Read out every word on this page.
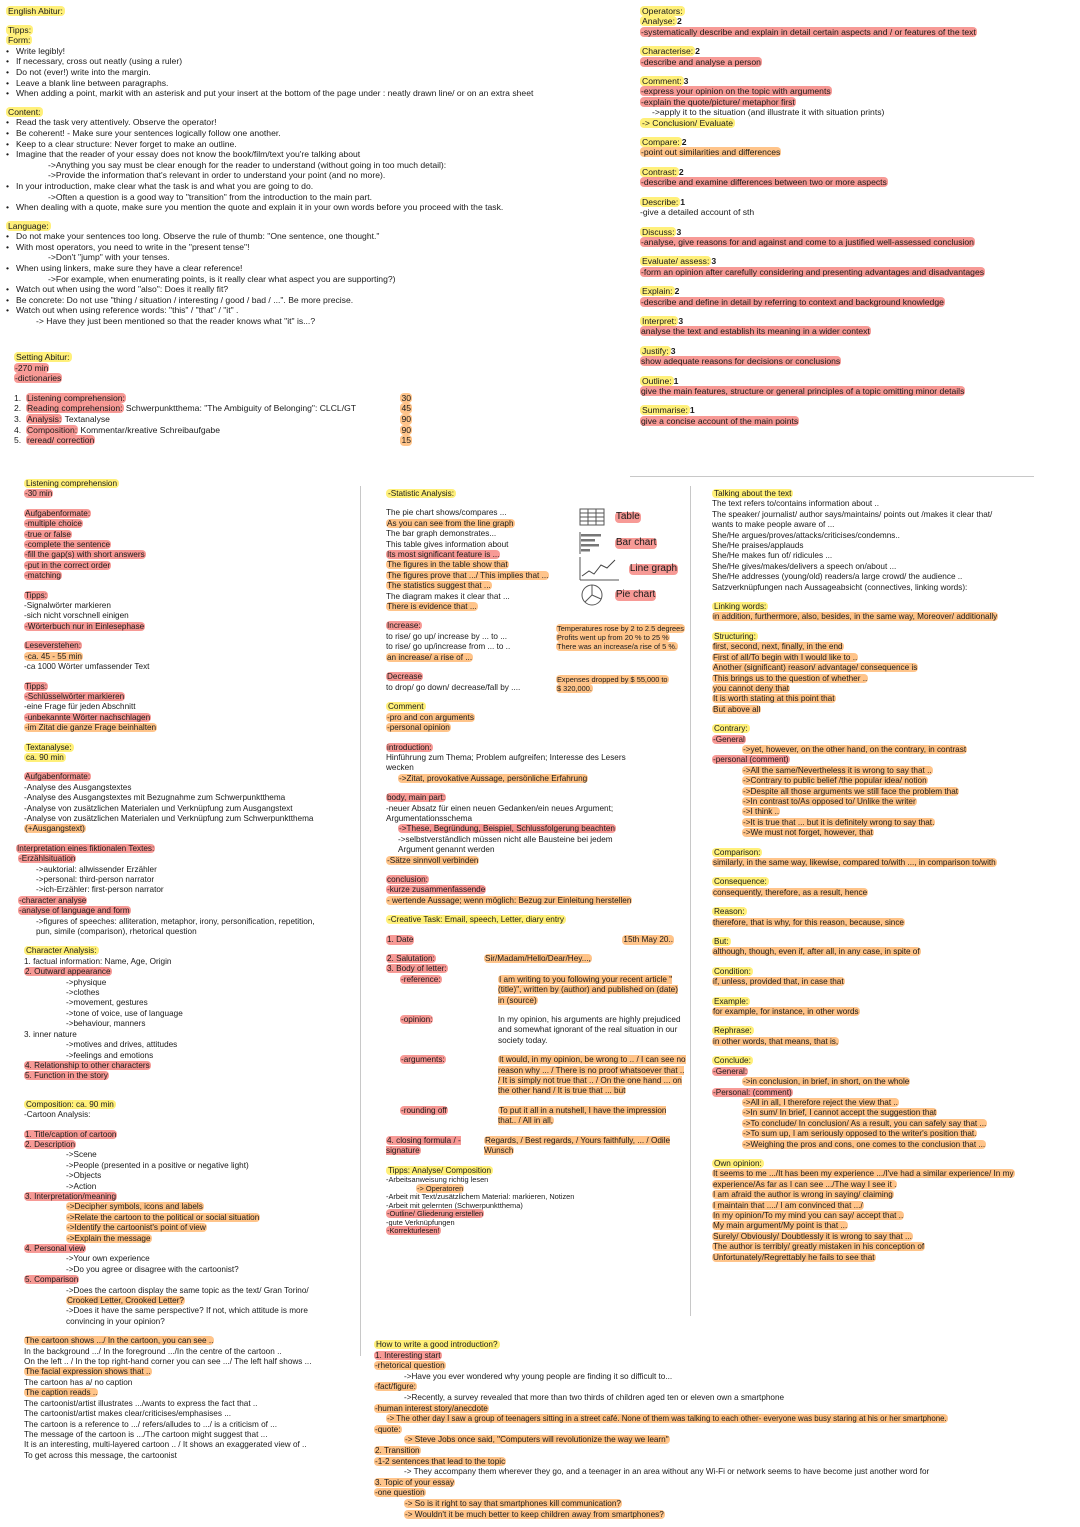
English Abitur:
Tipps:
Form:
• Write legibly!
• If necessary, cross out neatly (using a ruler)
• Do not (ever!) write into the margin.
• Leave a blank line between paragraphs.
• When adding a point, markit with an asterisk and put your insert at the bottom of the page under : neatly drawn line/ or on an extra sheet
Content:
• Read the task very attentively. Observe the operator!
• Be coherent! - Make sure your sentences logically follow one another.
• Keep to a clear structure: Never forget to make an outline.
• Imagine that the reader of your essay does not know the book/film/text you're talking about
->Anything you say must be clear enough for the reader to understand (without going in too much detail):
->Provide the information that's relevant in order to understand your point (and no more).
• In your introduction, make clear what the task is and what you are going to do.
->Often a question is a good way to "transition" from the introduction to the main part.
• When dealing with a quote, make sure you mention the quote and explain it in your own words before you proceed with the task.
Language:
• Do not make your sentences too long. Observe the rule of thumb: "One sentence, one thought."
• With most operators, you need to write in the "present tense"!
->Don't "jump" with your tenses.
• When using linkers, make sure they have a clear reference!
->For example, when enumerating points, is it really clear what aspect you are supporting?)
• Watch out when using the word "also": Does it really fit?
• Be concrete: Do not use "thing / situation / interesting / good / bad / ...". Be more precise.
• Watch out when using reference words: "this" / "that" / "it" .
-> Have they just been mentioned so that the reader knows what "it" is...?
Setting Abitur:
-270 min
-dictionaries
1. Listening comprehension:	30
2. Reading comprehension: Schwerpunktthema: "The Ambiguity of Belonging": CLCL/GT	45
3. Analysis: Textanalyse	90
4. Composition: Kommentar/kreative Schreibaufgabe	90
5. reread/ correction	15
Operators:
Analyse: 2
-systematically describe and explain in detail certain aspects and / or features of the text
Characterise: 2
-describe and analyse a person
Comment: 3
-express your opinion on the topic with arguments
-explain the quote/picture/ metaphor first
->apply it to the situation (and illustrate it with situation prints)
-> Conclusion/ Evaluate
Compare: 2
-point out similarities and differences
Contrast: 2
-describe and examine differences between two or more aspects
Describe: 1
-give a detailed account of sth
Discuss: 3
-analyse, give reasons for and against and come to a justified well-assessed conclusion
Evaluate/ assess: 3
-form an opinion after carefully considering and presenting advantages and disadvantages
Explain: 2
-describe and define in detail by referring to context and background knowledge
Interpret: 3
analyse the text and establish its meaning in a wider context
Justify: 3
show adequate reasons for decisions or conclusions
Outline: 1
give the main features, structure or general principles of a topic omitting minor details
Summarise: 1
give a concise account of the main points
Listening comprehension
-30 min
Aufgabenformate:
-multiple choice
-true or false
-complete the sentence
-fill the gap(s) with short answers
-put in the correct order
-matching
Tipps:
-Signalwörter markieren
-sich nicht vorschnell einigen
-Wörterbuch nur in Einlesephase
Leseverstehen:
-ca. 45 - 55 min
-ca 1000 Wörter umfassender Text
Tipps:
-Schlüsselwörter markieren
-eine Frage für jeden Abschnitt
-unbekannte Wörter nachschlagen
-im Zitat die ganze Frage beinhalten
Textanalyse:
ca. 90 min
Aufgabenformate:
-Analyse des Ausgangstextes
-Analyse des Ausgangstextes mit Bezugnahme zum Schwerpunktthema
-Analyse von zusätzlichen Materialen und Verknüpfung zum Ausgangstext
-Analyse von zusätzlichen Materialen und Verknüpfung zum Schwerpunktthema
(+Ausgangstext)
Interpretation eines fiktionalen Textes:
-Erzählsituation
->auktorial: allwissender Erzähler
->personal: third-person narrator
->ich-Erzähler: first-person narrator
-character analyse
-analyse of language and form
->figures of speeches: alliteration, metaphor, irony, personification, repetition,
pun, simile (comparison), rhetorical question
Character Analysis:
1. factual information: Name, Age, Origin
2. Outward appearance
->physique
->clothes
->movement, gestures
->tone of voice, use of language
->behaviour, manners
3. inner nature
->motives and drives, attitudes
->feelings and emotions
4. Relationship to other characters
5. Function in the story
Composition: ca. 90 min
-Cartoon Analysis:
1. Title/caption of cartoon
2. Description
->Scene
->People (presented in a positive or negative light)
->Objects
->Action
3. Interpretation/meaning
->Decipher symbols, icons and labels
->Relate the cartoon to the political or social situation
->Identify the cartoonist's point of view
->Explain the message
4. Personal view
->Your own experience
->Do you agree or disagree with the cartoonist?
5. Comparison
->Does the cartoon display the same topic as the text/ Gran Torino/
Crooked Letter, Crooked Letter?
->Does it have the same perspective? If not, which attitude is more
convincing in your opinion?
The cartoon shows .../ In the cartoon, you can see ..
In the background .../ In the foreground .../In the centre of the cartoon ..
On the left .. / In the top right-hand corner you can see .../ The left half shows ...
The facial expression shows that ..
The cartoon has a/ no caption
The caption reads ..
The cartoonist/artist illustrates .../wants to express the fact that ..
The cartoonist/artist makes clear/criticises/emphasises ...
The cartoon is a reference to .../ refers/alludes to .../ is a criticism of ...
The message of the cartoon is .../The cartoon might suggest that ...
It is an interesting, multi-layered cartoon .. / It shows an exaggerated view of ..
To get across this message, the cartoonist
-Statistic Analysis:
The pie chart shows/compares ...
As you can see from the line graph
The bar graph demonstrates...
This table gives information about
Its most significant feature is ...
The figures in the table show that
The figures prove that .../ This implies that ...
The statistics suggest that ...
The diagram makes it clear that ...
There is evidence that ...
Table
Bar chart
Line graph
Pie chart
Increase:
to rise/ go up/ increase by ... to ...
to rise/ go up/increase from ... to ..
an increase/ a rise of ...
Temperatures rose by 2 to 2.5 degrees
Profits went up from 20 % to 25 %
There was an increase/a rise of 5 %.
Decrease
to drop/ go down/ decrease/fall by ....
Expenses dropped by $ 55,000 to
$ 320,000.
Comment
-pro and con arguments
-personal opinion
introduction:
Hinführung zum Thema; Problem aufgreifen; Interesse des Lesers
wecken
->Zitat, provokative Aussage, persönliche Erfahrung
body, main part:
-neuer Absatz für einen neuen Gedanken/ein neues Argument;
Argumentationsschema
->These, Begründung, Beispiel, Schlussfolgerung beachten
->selbstverständlich müssen nicht alle Bausteine bei jedem
Argument genannt werden
-Sätze sinnvoll verbinden
conclusion:
-kurze zusammenfassende
- wertende Aussage; wenn möglich: Bezug zur Einleitung herstellen
-Creative Task: Email, speech, Letter, diary entry
1. Date	15th May 20..
2. Salutation:	Sir/Madam/Hello/Dear/Hey...,
3. Body of letter:
-reference:	I am writing to you following your recent article "(title)", written by (author) and published on (date) in (source)
-opinion:	In my opinion, his arguments are highly prejudiced and somewhat ignorant of the real situation in our society today.
-arguments:	It would, in my opinion, be wrong to .. / I can see no reason why ... / There is no proof whatsoever that .. / It is simply not true that .. / On the one hand ... on the other hand / It is true that ... but
-rounding off	To put it all in a nutshell, I have the impression that.. / All in all,
4. closing formula / -signature
Regards, / Best regards, / Yours faithfully, ... / Odile Wunsch
Tipps: Analyse/ Composition
-Arbeitsanweisung richtig lesen
-> Operatoren
-Arbeit mit Text/zusätzlichem Material: markieren, Notizen
-Arbeit mit gelernten (Schwerpunktthema)
-Outline/ Gliederung erstellen
-gute Verknüpfungen
-Korrekturlesen!
How to write a good introduction?
1. Interesting start
-rhetorical question
->Have you ever wondered why young people are finding it so difficult to...
-fact/figure:
->Recently, a survey revealed that more than two thirds of children aged ten or eleven own a smartphone
-human interest story/anecdote
-> The other day I saw a group of teenagers sitting in a street café. None of them was talking to each other- everyone was busy staring at his or her smartphone.
-quote:
-> Steve Jobs once said, "Computers will revolutionize the way we learn"
2. Transition
-1-2 sentences that lead to the topic
-> They accompany them wherever they go, and a teenager in an area without any Wi-Fi or network seems to have become just another word for
3. Topic of your essay
-one question
-> So is it right to say that smartphones kill communication?
-> Wouldn't it be much better to keep children away from smartphones?
Talking about the text
The text refers to/contains information about ..
The speaker/ journalist/ author says/maintains/ points out /makes it clear that/
wants to make people aware of ...
She/He argues/proves/attacks/criticises/condemns..
She/He praises/applauds
She/He makes fun of/ ridicules ...
She/He gives/makes/delivers a speech on/about ...
She/He addresses (young/old) readers/a large crowd/ the audience ..
Satzverknüpfungen nach Aussageabsicht (connectives, linking words):
Linking words:
in addition, furthermore, also, besides, in the same way, Moreover/ additionally
Structuring:
first, second, next, finally, in the end
First of all/To begin with I would like to ..
Another (significant) reason/ advantage/ consequence is
This brings us to the question of whether ..
you cannot deny that
It is worth stating at this point that
But above all
Contrary:
-General
->yet, however, on the other hand, on the contrary, in contrast
-personal (comment)
->All the same/Nevertheless it is wrong to say that ..
->Contrary to public belief /the popular idea/ notion
->Despite all those arguments we still face the problem that
->In contrast to/As opposed to/ Unlike the writer
->I think ..
->It is true that ... but it is definitely wrong to say that.
->We must not forget, however, that
Comparison:
similarly, in the same way, likewise, compared to/with ..., in comparison to/with
Consequence:
consequently, therefore, as a result, hence
Reason:
therefore, that is why, for this reason, because, since
But:
although, though, even if, after all, in any case, in spite of
Condition:
if, unless, provided that, in case that
Example:
for example, for instance, in other words
Rephrase:
in other words, that means, that is,
Conclude:
-General:
->in conclusion, in brief, in short, on the whole
-Personal: (comment)
->All in all, I therefore reject the view that ..
->In sum/ In brief, I cannot accept the suggestion that
->To conclude/ In conclusion/ As a result, you can safely say that ...
->To sum up, I am seriously opposed to the writer's position that.
->Weighing the pros and cons, one comes to the conclusion that ...
Own opinion:
It seems to me .../It has been my experience .../I've had a similar experience/ In my
experience/As far as I can see .../The way I see it .
I am afraid the author is wrong in saying/ claiming
I maintain that ..../ I am convinced that .../
In my opinion/To my mind you can say/ accept that ..
My main argument/My point is that ...
Surely/ Obviously/ Doubtlessly it is wrong to say that ...
The author is terribly/ greatly mistaken in his conception of
Unfortunately/Regrettably he fails to see that
